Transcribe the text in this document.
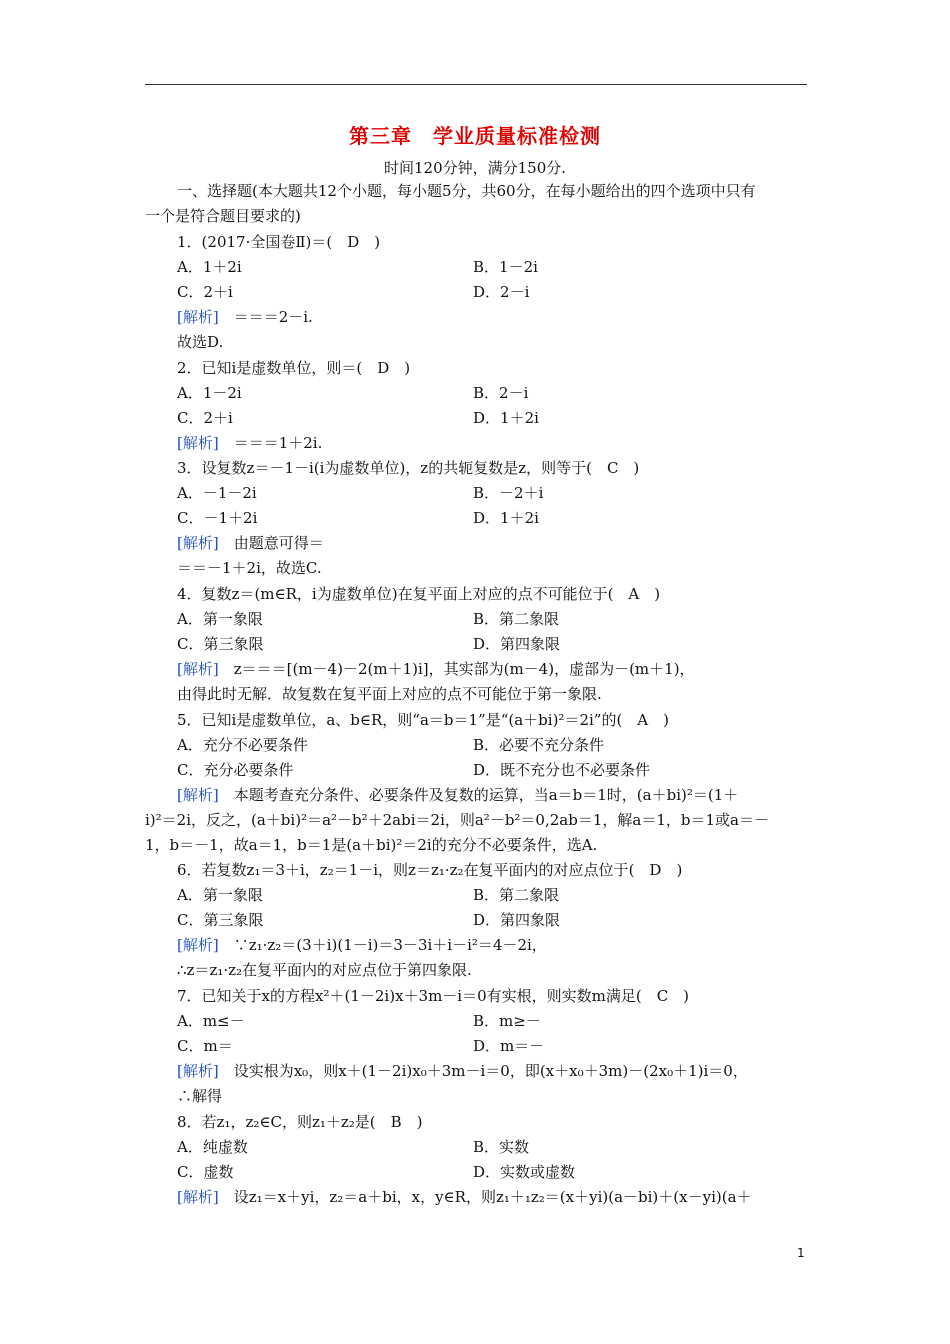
第三章　学业质量标准检测
时间120分钟，满分150分.
一、选择题(本大题共12个小题，每小题5分，共60分，在每小题给出的四个选项中只有
一个是符合题目要求的)
1．(2017·全国卷Ⅱ)＝(　D　)
A．1＋2i	B．1－2i
C．2＋i	D．2－i
[解析]　＝＝＝2－i.
故选D.
2．已知i是虚数单位，则＝(　D　)
A．1－2i	B．2－i
C．2＋i	D．1＋2i
[解析]　＝＝＝1＋2i.
3．设复数z＝－1－i(i为虚数单位)，z的共轭复数是z，则等于(　C　)
A．－1－2i	B．－2＋i
C．－1＋2i	D．1＋2i
[解析]　由题意可得＝
＝＝－1＋2i，故选C.
4．复数z＝(m∈R，i为虚数单位)在复平面上对应的点不可能位于(　A　)
A．第一象限	B．第二象限
C．第三象限	D．第四象限
[解析]　z＝＝＝[(m－4)－2(m＋1)i]，其实部为(m－4)，虚部为－(m＋1)，
由得此时无解．故复数在复平面上对应的点不可能位于第一象限.
5．已知i是虚数单位，a、b∈R，则“a＝b＝1”是“(a＋bi)²＝2i”的(　A　)
A．充分不必要条件	B．必要不充分条件
C．充分必要条件	D．既不充分也不必要条件
[解析]　本题考查充分条件、必要条件及复数的运算，当a＝b＝1时，(a＋bi)²＝(1＋
i)²＝2i，反之，(a＋bi)²＝a²－b²＋2abi＝2i，则a²－b²＝0,2ab＝1，解a＝1，b＝1或a＝－
1，b＝－1，故a＝1，b＝1是(a＋bi)²＝2i的充分不必要条件，选A.
6．若复数z₁＝3＋i，z₂＝1－i，则z＝z₁·z₂在复平面内的对应点位于(　D　)
A．第一象限	B．第二象限
C．第三象限	D．第四象限
[解析]　∵z₁·z₂＝(3＋i)(1－i)＝3－3i＋i－i²＝4－2i，
∴z＝z₁·z₂在复平面内的对应点位于第四象限.
7．已知关于x的方程x²＋(1－2i)x＋3m－i＝0有实根，则实数m满足(　C　)
A．m≤－	B．m≥－
C．m＝	D．m＝－
[解析]　设实根为x₀，则x＋(1－2i)x₀＋3m－i＝0，即(x＋x₀＋3m)－(2x₀＋1)i＝0，
∴解得
8．若z₁，z₂∈C，则z₁＋z₂是(　B　)
A．纯虚数	B．实数
C．虚数	D．实数或虚数
[解析]　设z₁＝x＋yi，z₂＝a＋bi，x，y∈R，则z₁＋₁z₂＝(x＋yi)(a－bi)＋(x－yi)(a＋
1
